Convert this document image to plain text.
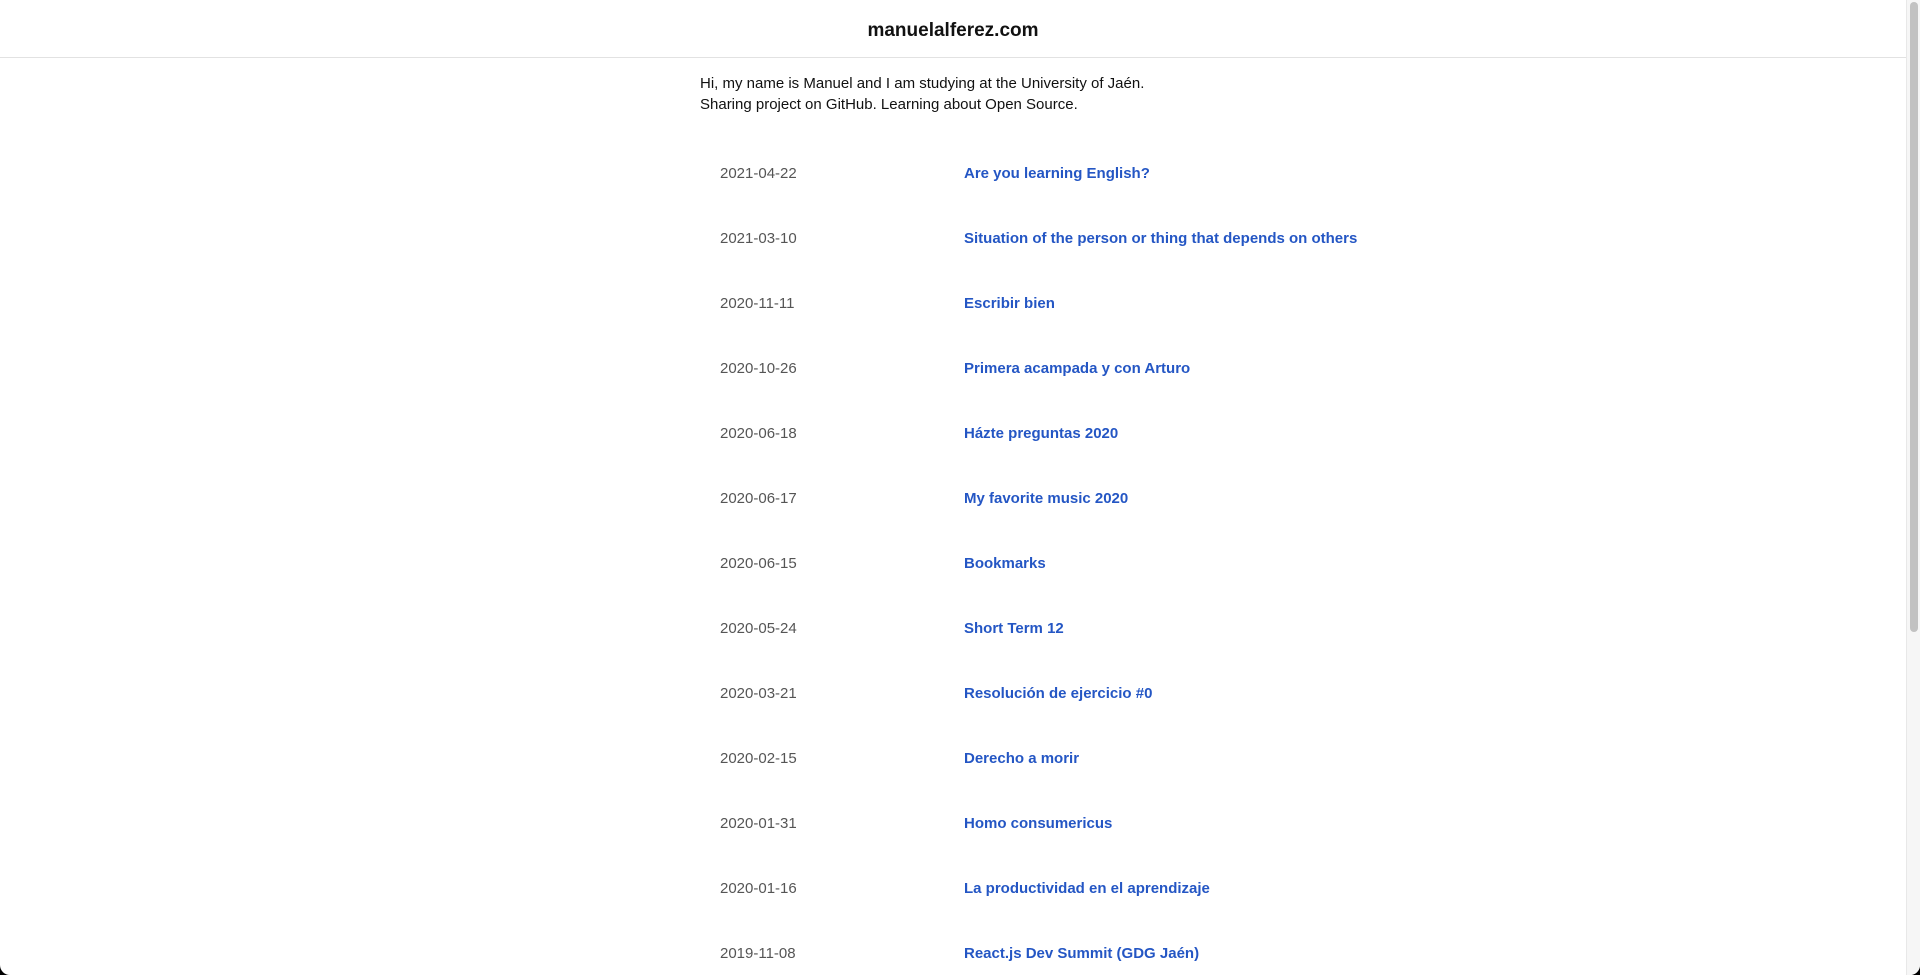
manuelalferez.com

Hi, my name is Manuel and I am studying at the University of Jaén. Sharing project on GitHub. Learning about Open Source.

2021-04-22	Are you learning English?
2021-03-10	Situation of the person or thing that depends on others
2020-11-11	Escribir bien
2020-10-26	Primera acampada y con Arturo
2020-06-18	Házte preguntas 2020
2020-06-17	My favorite music 2020
2020-06-15	Bookmarks
2020-05-24	Short Term 12
2020-03-21	Resolución de ejercicio #0
2020-02-15	Derecho a morir
2020-01-31	Homo consumericus
2020-01-16	La productividad en el aprendizaje
2019-11-08	React.js Dev Summit (GDG Jaén)
